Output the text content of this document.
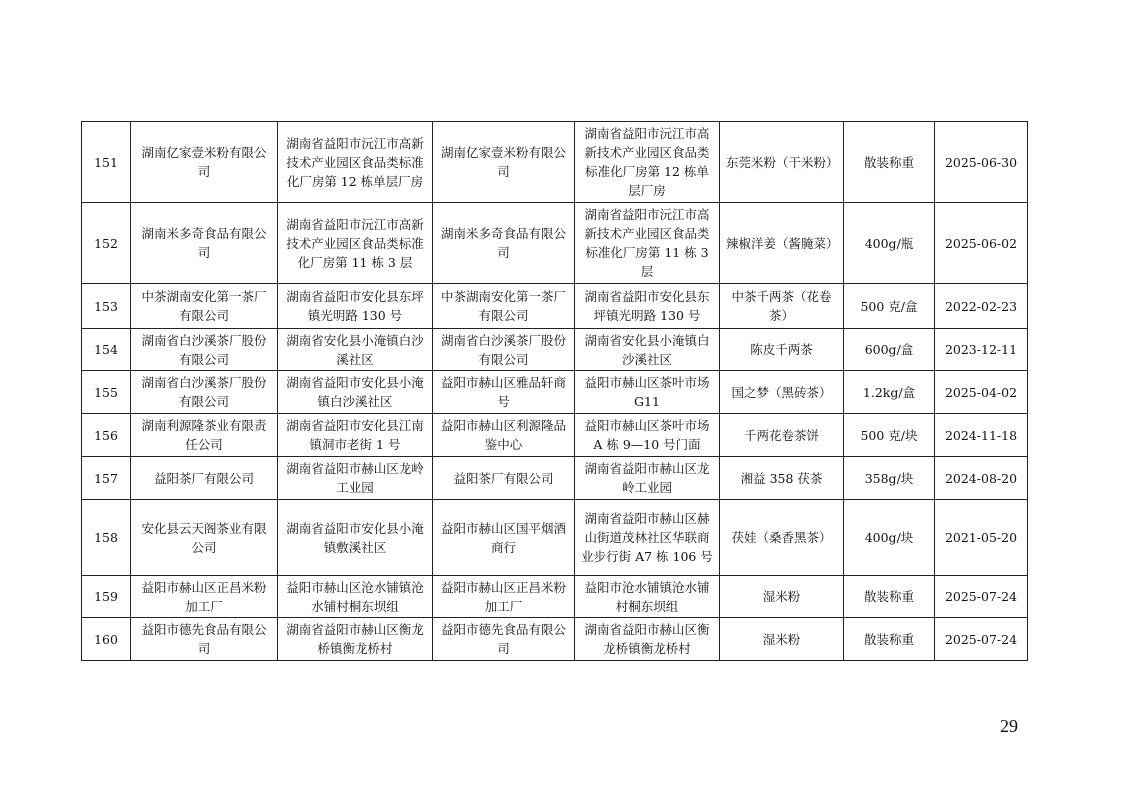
151	湖南亿家壹米粉有限公司	湖南省益阳市沅江市高新技术产业园区食品类标准化厂房第 12 栋单层厂房	湖南亿家壹米粉有限公司	湖南省益阳市沅江市高新技术产业园区食品类标准化厂房第 12 栋单层厂房	东莞米粉（干米粉）	散装称重	2025-06-30
152	湖南米多奇食品有限公司	湖南省益阳市沅江市高新技术产业园区食品类标准化厂房第 11 栋 3 层	湖南米多奇食品有限公司	湖南省益阳市沅江市高新技术产业园区食品类标准化厂房第 11 栋 3 层	辣椒洋姜（酱腌菜）	400g/瓶	2025-06-02
153	中茶湖南安化第一茶厂有限公司	湖南省益阳市安化县东坪镇光明路 130 号	中茶湖南安化第一茶厂有限公司	湖南省益阳市安化县东坪镇光明路 130 号	中茶千两茶（花卷茶）	500 克/盒	2022-02-23
154	湖南省白沙溪茶厂股份有限公司	湖南省安化县小淹镇白沙溪社区	湖南省白沙溪茶厂股份有限公司	湖南省安化县小淹镇白沙溪社区	陈皮千两茶	600g/盒	2023-12-11
155	湖南省白沙溪茶厂股份有限公司	湖南省益阳市安化县小淹镇白沙溪社区	益阳市赫山区雅品轩商号	益阳市赫山区茶叶市场 G11	国之梦（黑砖茶）	1.2kg/盒	2025-04-02
156	湖南利源隆茶业有限责任公司	湖南省益阳市安化县江南镇洞市老街 1 号	益阳市赫山区利源隆品鉴中心	益阳市赫山区茶叶市场 A 栋 9—10 号门面	千两花卷茶饼	500 克/块	2024-11-18
157	益阳茶厂有限公司	湖南省益阳市赫山区龙岭工业园	益阳茶厂有限公司	湖南省益阳市赫山区龙岭工业园	湘益 358 茯茶	358g/块	2024-08-20
158	安化县云天阁茶业有限公司	湖南省益阳市安化县小淹镇敷溪社区	益阳市赫山区国平烟酒商行	湖南省益阳市赫山区赫山街道茂林社区华联商业步行街 A7 栋 106 号	茯娃（桑香黑茶）	400g/块	2021-05-20
159	益阳市赫山区正昌米粉加工厂	益阳市赫山区沧水铺镇沧水铺村桐东坝组	益阳市赫山区正昌米粉加工厂	益阳市沧水铺镇沧水铺村桐东坝组	湿米粉	散装称重	2025-07-24
160	益阳市德先食品有限公司	湖南省益阳市赫山区衡龙桥镇衡龙桥村	益阳市德先食品有限公司	湖南省益阳市赫山区衡龙桥镇衡龙桥村	湿米粉	散装称重	2025-07-24
29
